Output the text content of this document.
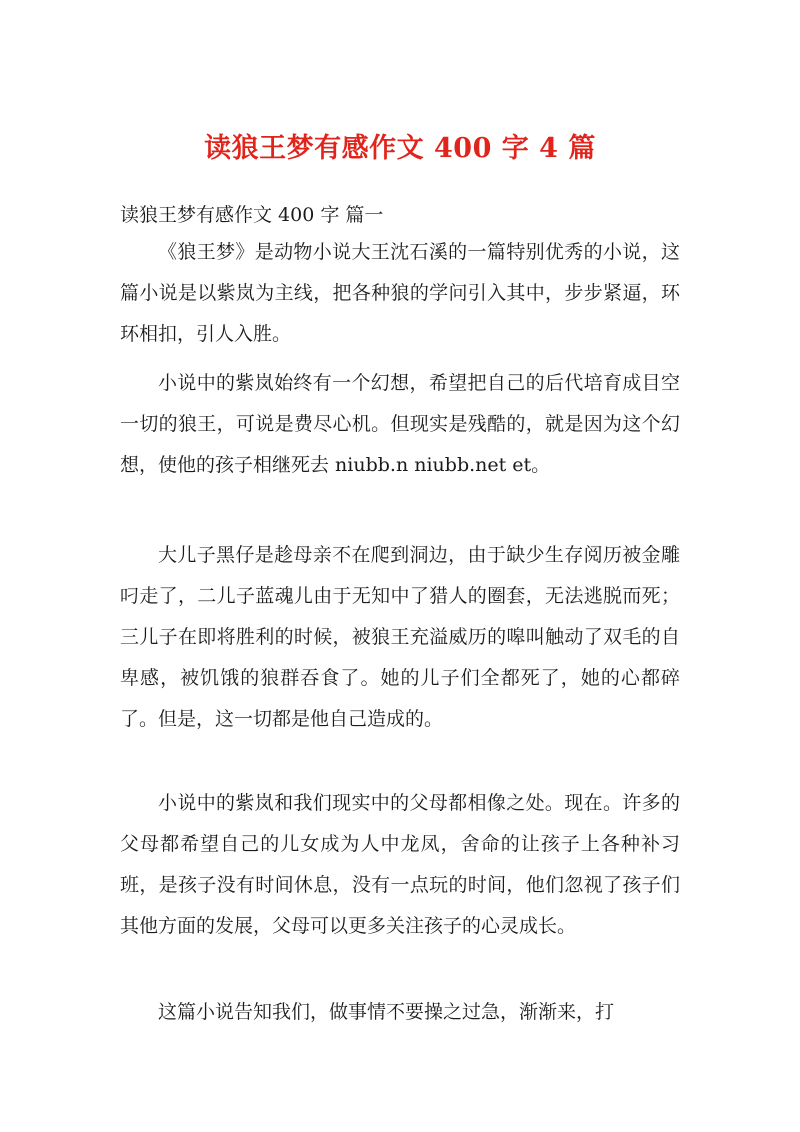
读狼王梦有感作文 400 字 4 篇
读狼王梦有感作文 400 字 篇一

《狼王梦》是动物小说大王沈石溪的一篇特别优秀的小说，这篇小说是以紫岚为主线，把各种狼的学问引入其中，步步紧逼，环环相扣，引人入胜。

小说中的紫岚始终有一个幻想，希望把自己的后代培育成目空一切的狼王，可说是费尽心机。但现实是残酷的，就是因为这个幻想，使他的孩子相继死去 niubb.n niubb.net et。

大儿子黑仔是趁母亲不在爬到洞边，由于缺少生存阅历被金雕叼走了，二儿子蓝魂儿由于无知中了猎人的圈套，无法逃脱而死；三儿子在即将胜利的时候，被狼王充溢威历的嗥叫触动了双毛的自卑感，被饥饿的狼群吞食了。她的儿子们全都死了，她的心都碎了。但是，这一切都是他自己造成的。

小说中的紫岚和我们现实中的父母都相像之处。现在。许多的父母都希望自己的儿女成为人中龙凤，舍命的让孩子上各种补习班，是孩子没有时间休息，没有一点玩的时间，他们忽视了孩子们其他方面的发展，父母可以更多关注孩子的心灵成长。

这篇小说告知我们，做事情不要操之过急，渐渐来，打
